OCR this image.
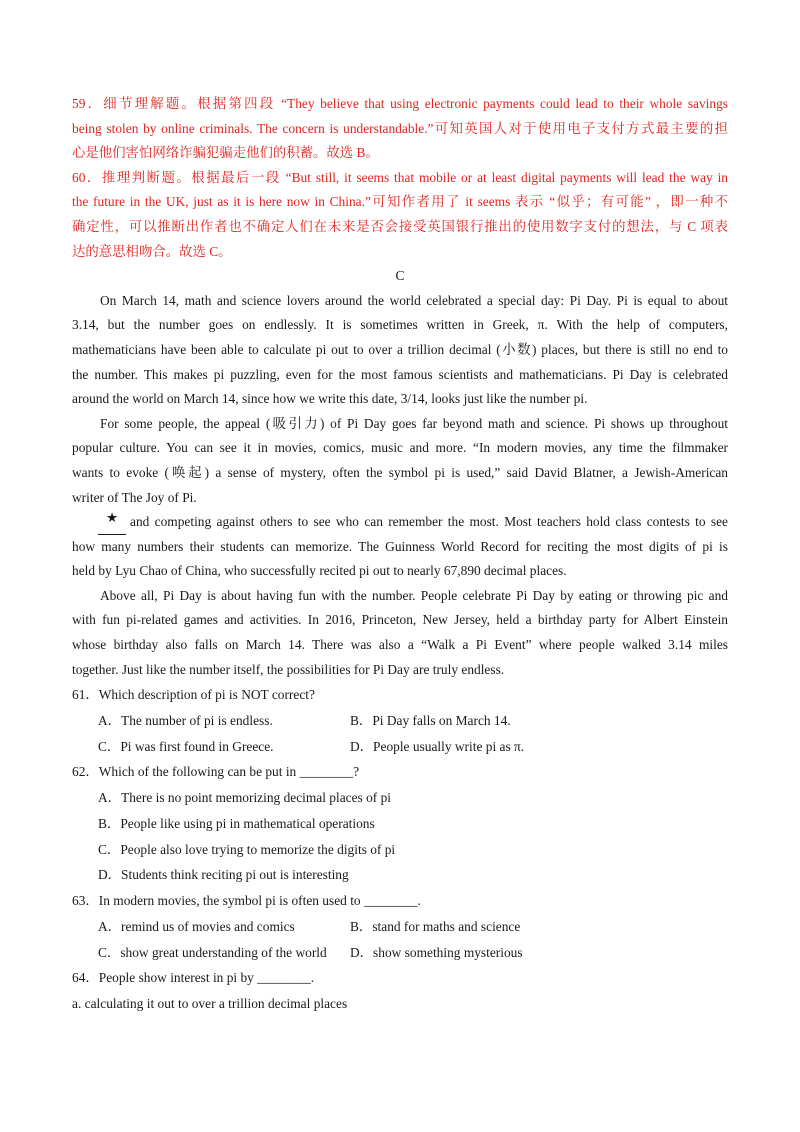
59．细节理解题。根据第四段 “They believe that using electronic payments could lead to their whole savings
being stolen by online criminals. The concern is understandable.”可知英国人对于使用电子支付方式最主要的担
心是他们害怕网络诈骗犯骗走他们的积蓄。故选 B。
60．推理判断题。根据最后一段 “But still, it seems that mobile or at least digital payments will lead the way in
the future in the UK, just as it is here now in China.”可知作者用了 it seems 表示 “似乎；有可能” ，即一种不
确定性，可以推断出作者也不确定人们在未来是否会接受英国银行推出的使用数字支付的想法，与 C 项表
达的意思相吻合。故选 C。
C
On March 14, math and science lovers around the world celebrated a special day: Pi Day. Pi is equal to about
3.14, but the number goes on endlessly. It is sometimes written in Greek, π. With the help of computers,
mathematicians have been able to calculate pi out to over a trillion decimal (小数) places, but there is still no end to
the number. This makes pi puzzling, even for the most famous scientists and mathematicians. Pi Day is celebrated
around the world on March 14, since how we write this date, 3/14, looks just like the number pi.
For some people, the appeal (吸引力) of Pi Day goes far beyond math and science. Pi shows up throughout
popular culture. You can see it in movies, comics, music and more. “In modern movies, any time the filmmaker
wants to evoke (唤起) a sense of mystery, often the symbol pi is used,” said David Blatner, a Jewish-American
writer of The Joy of Pi.
★ and competing against others to see who can remember the most. Most teachers hold class contests to see
how many numbers their students can memorize. The Guinness World Record for reciting the most digits of pi is
held by Lyu Chao of China, who successfully recited pi out to nearly 67,890 decimal places.
Above all, Pi Day is about having fun with the number. People celebrate Pi Day by eating or throwing pic and
with fun pi-related games and activities. In 2016, Princeton, New Jersey, held a birthday party for Albert Einstein
whose birthday also falls on March 14. There was also a “Walk a Pi Event” where people walked 3.14 miles
together. Just like the number itself, the possibilities for Pi Day are truly endless.
61．Which description of pi is NOT correct?
A．The number of pi is endless.	B．Pi Day falls on March 14.
C．Pi was first found in Greece.	D．People usually write pi as π.
62．Which of the following can be put in ________?
A．There is no point memorizing decimal places of pi
B．People like using pi in mathematical operations
C．People also love trying to memorize the digits of pi
D．Students think reciting pi out is interesting
63．In modern movies, the symbol pi is often used to ________.
A．remind us of movies and comics	B．stand for maths and science
C．show great understanding of the world	D．show something mysterious
64．People show interest in pi by ________.
a. calculating it out to over a trillion decimal places
